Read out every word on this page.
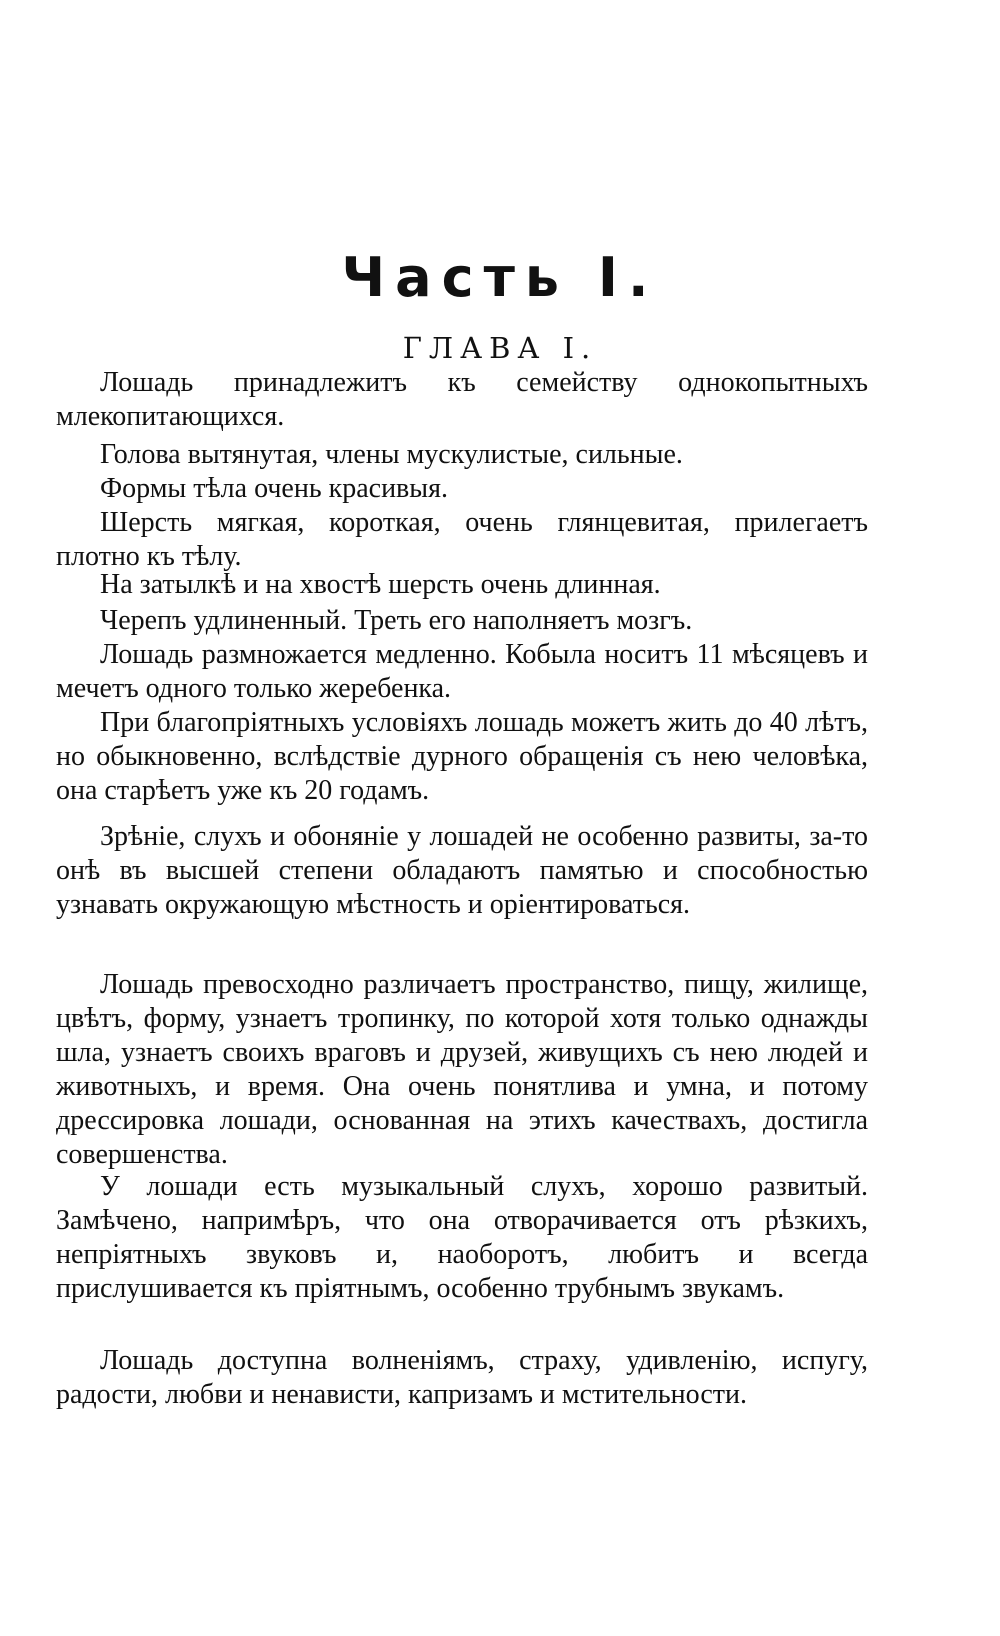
Часть I.
ГЛАВА I.

Лошадь принадлежитъ къ семейству однокопытныхъ млекопитающихся.

Голова вытянутая, члены мускулистые, сильные.

Формы тѣла очень красивыя.

Шерсть мягкая, короткая, очень глянцевитая, прилегаетъ плотно къ тѣлу.

На затылкѣ и на хвостѣ шерсть очень длинная.

Черепъ удлиненный. Треть его наполняетъ мозгъ.

Лошадь размножается медленно. Кобыла носитъ 11 мѣсяцевъ и мечетъ одного только жеребенка.

При благопріятныхъ условіяхъ лошадь можетъ жить до 40 лѣтъ, но обыкновенно, вслѣдствіе дурного обращенія съ нею человѣка, она старѣетъ уже къ 20 годамъ.

Зрѣніе, слухъ и обоняніе у лошадей не особенно развиты, за-то онѣ въ высшей степени обладаютъ памятью и способностью узнавать окружающую мѣстность и оріентироваться.

Лошадь превосходно различаетъ пространство, пищу, жилище, цвѣтъ, форму, узнаетъ тропинку, по которой хотя только однажды шла, узнаетъ своихъ враговъ и друзей, живущихъ съ нею людей и животныхъ, и время. Она очень понятлива и умна, и потому дрессировка лошади, основанная на этихъ качествахъ, достигла совершенства.

У лошади есть музыкальный слухъ, хорошо развитый. Замѣчено, напримѣръ, что она отворачивается отъ рѣзкихъ, непріятныхъ звуковъ и, наоборотъ, любитъ и всегда прислушивается къ пріятнымъ, особенно трубнымъ звукамъ.

Лошадь доступна волненіямъ, страху, удивленію, испугу, радости, любви и ненависти, капризамъ и мстительности.
